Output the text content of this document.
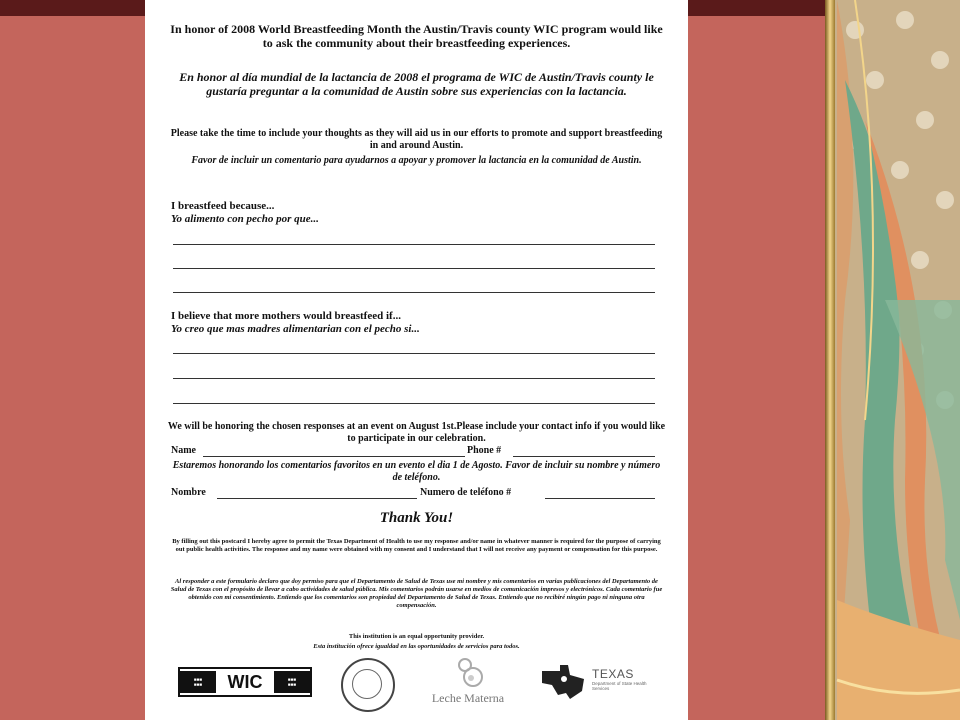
In honor of 2008 World Breastfeeding Month the Austin/Travis county WIC program would like to ask the community about their breastfeeding experiences.
En honor al día mundial de la lactancia de 2008 el programa de WIC de Austin/Travis county le gustaría preguntar a la comunidad de Austin sobre sus experiencias con la lactancia.
Please take the time to include your thoughts as they will aid us in our efforts to promote and support breastfeeding in and around Austin.
Favor de incluir un comentario para ayudarnos a apoyar y promover la lactancia en la comunidad de Austin.
I breastfeed because...
Yo alimento con pecho por que...
I believe that more mothers would breastfeed if...
Yo creo que mas madres alimentarian con el pecho si...
We will be honoring the chosen responses at an event on August 1st.Please include your contact info if you would like to participate in our celebration.
Name	Phone #
Estaremos honorando los comentarios favoritos en un evento el dia 1 de Agosto. Favor de incluir su nombre y número de teléfono.
Nombre	Numero de teléfono #
Thank You!
By filling out this postcard I hereby agree to permit the Texas Department of Health to use my response and/or name in whatever manner is required for the purpose of carrying out public health activities. The response and my name were obtained with my consent and I understand that I will not receive any payment or compensation for this purpose.
Al responder a este formulario declaro que doy permiso para que el Departamento de Salud de Texas use mi nombre y mis comentarios en varias publicaciones del Departamento de Salud de Texas con el propósito de llevar a cabo actividades de salud pública. Mis comentarios podrán usarse en medios de comunicación impresos y electrónicos. Cada comentario fue obtenido con mi consentimiento. Entiendo que los comentarios son propiedad del Departamento de Salud de Texas. Entiendo que no recibiré ningún pago ni ninguna otra compensación.
This institution is an equal opportunity provider.
Esta institución ofrece igualdad en las oportunidades de servicios para todos.
■■■
■■■	WIC	■■■
■■■
Leche Materna
TEXAS
Department of State Health Services
